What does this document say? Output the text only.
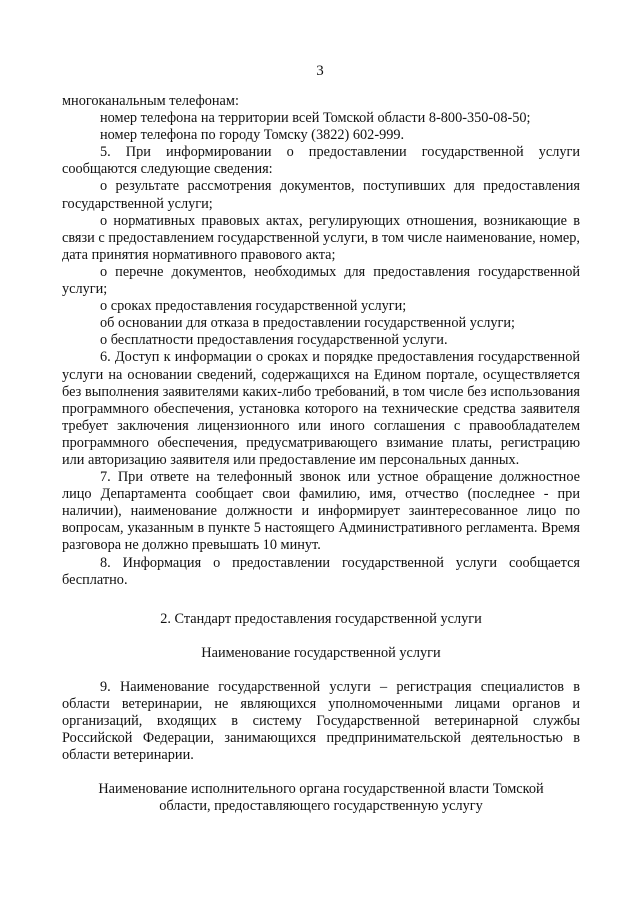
3

многоканальным телефонам:

номер телефона на территории всей Томской области 8-800-350-08-50;

номер телефона по городу Томску (3822) 602-999.

5. При информировании о предоставлении государственной услуги сообщаются следующие сведения:

о результате рассмотрения документов, поступивших для предоставления государственной услуги;

о нормативных правовых актах, регулирующих отношения, возникающие в связи с предоставлением государственной услуги, в том числе наименование, номер, дата принятия нормативного правового акта;

о перечне документов, необходимых для предоставления государственной услуги;

о сроках предоставления государственной услуги;

об основании для отказа в предоставлении государственной услуги;

о бесплатности предоставления государственной услуги.

6. Доступ к информации о сроках и порядке предоставления государственной услуги на основании сведений, содержащихся на Едином портале, осуществляется без выполнения заявителями каких-либо требований, в том числе без использования программного обеспечения, установка которого на технические средства заявителя требует заключения лицензионного или иного соглашения с правообладателем программного обеспечения, предусматривающего взимание платы, регистрацию или авторизацию заявителя или предоставление им персональных данных.

7. При ответе на телефонный звонок или устное обращение должностное лицо Департамента сообщает свои фамилию, имя, отчество (последнее - при наличии), наименование должности и информирует заинтересованное лицо по вопросам, указанным в пункте 5 настоящего Административного регламента. Время разговора не должно превышать 10 минут.

8. Информация о предоставлении государственной услуги сообщается бесплатно.

2. Стандарт предоставления государственной услуги

Наименование государственной услуги

9. Наименование государственной услуги – регистрация специалистов в области ветеринарии, не являющихся уполномоченными лицами органов и организаций, входящих в систему Государственной ветеринарной службы Российской Федерации, занимающихся предпринимательской деятельностью в области ветеринарии.

Наименование исполнительного органа государственной власти Томской области, предоставляющего государственную услугу
